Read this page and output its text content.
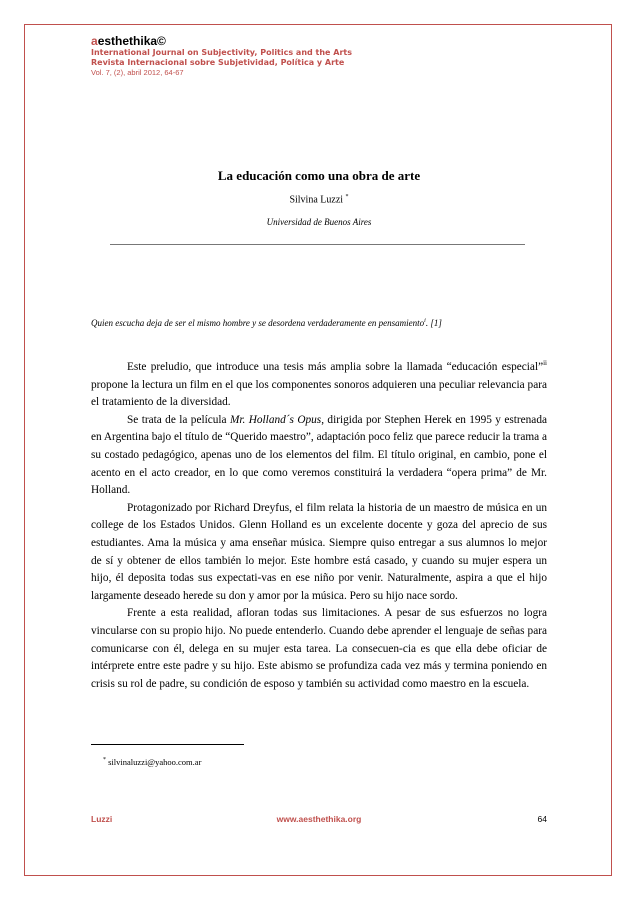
aesthethika©

International Journal on Subjectivity, Politics and the Arts

Revista Internacional sobre Subjetividad, Política y Arte

Vol. 7, (2), abril 2012, 64-67

La educación como una obra de arte
Silvina Luzzi *
Universidad de Buenos Aires
Quien escucha deja de ser el mismo hombre y se desordena verdaderamente en pensamiento$^i$. [1]

Este preludio, que introduce una tesis más amplia sobre la llamada “educación especial”$^{ii}$ propone la lectura un film en el que los componentes sonoros adquieren una peculiar relevancia para el tratamiento de la diversidad.

Se trata de la película Mr. Holland´s Opus, dirigida por Stephen Herek en 1995 y estrenada en Argentina bajo el título de “Querido maestro”, adaptación poco feliz que parece reducir la trama a su costado pedagógico, apenas uno de los elementos del film. El título original, en cambio, pone el acento en el acto creador, en lo que como veremos constituirá la verdadera “opera prima” de Mr. Holland.

Protagonizado por Richard Dreyfus, el film relata la historia de un maestro de música en un college de los Estados Unidos. Glenn Holland es un excelente docente y goza del aprecio de sus estudiantes. Ama la música y ama enseñar música. Siempre quiso entregar a sus alumnos lo mejor de sí y obtener de ellos también lo mejor. Este hombre está casado, y cuando su mujer espera un hijo, él deposita todas sus expectati-vas en ese niño por venir. Naturalmente, aspira a que el hijo largamente deseado herede su don y amor por la música. Pero su hijo nace sordo.

Frente a esta realidad, afloran todas sus limitaciones. A pesar de sus esfuerzos no logra vincularse con su propio hijo. No puede entenderlo. Cuando debe aprender el lenguaje de señas para comunicarse con él, delega en su mujer esta tarea. La consecuen-cia es que ella debe oficiar de intérprete entre este padre y su hijo. Este abismo se profundiza cada vez más y termina poniendo en crisis su rol de padre, su condición de esposo y también su actividad como maestro en la escuela.

* silvinaluzzi@yahoo.com.ar
Luzzi	www.aesthethika.org	64
